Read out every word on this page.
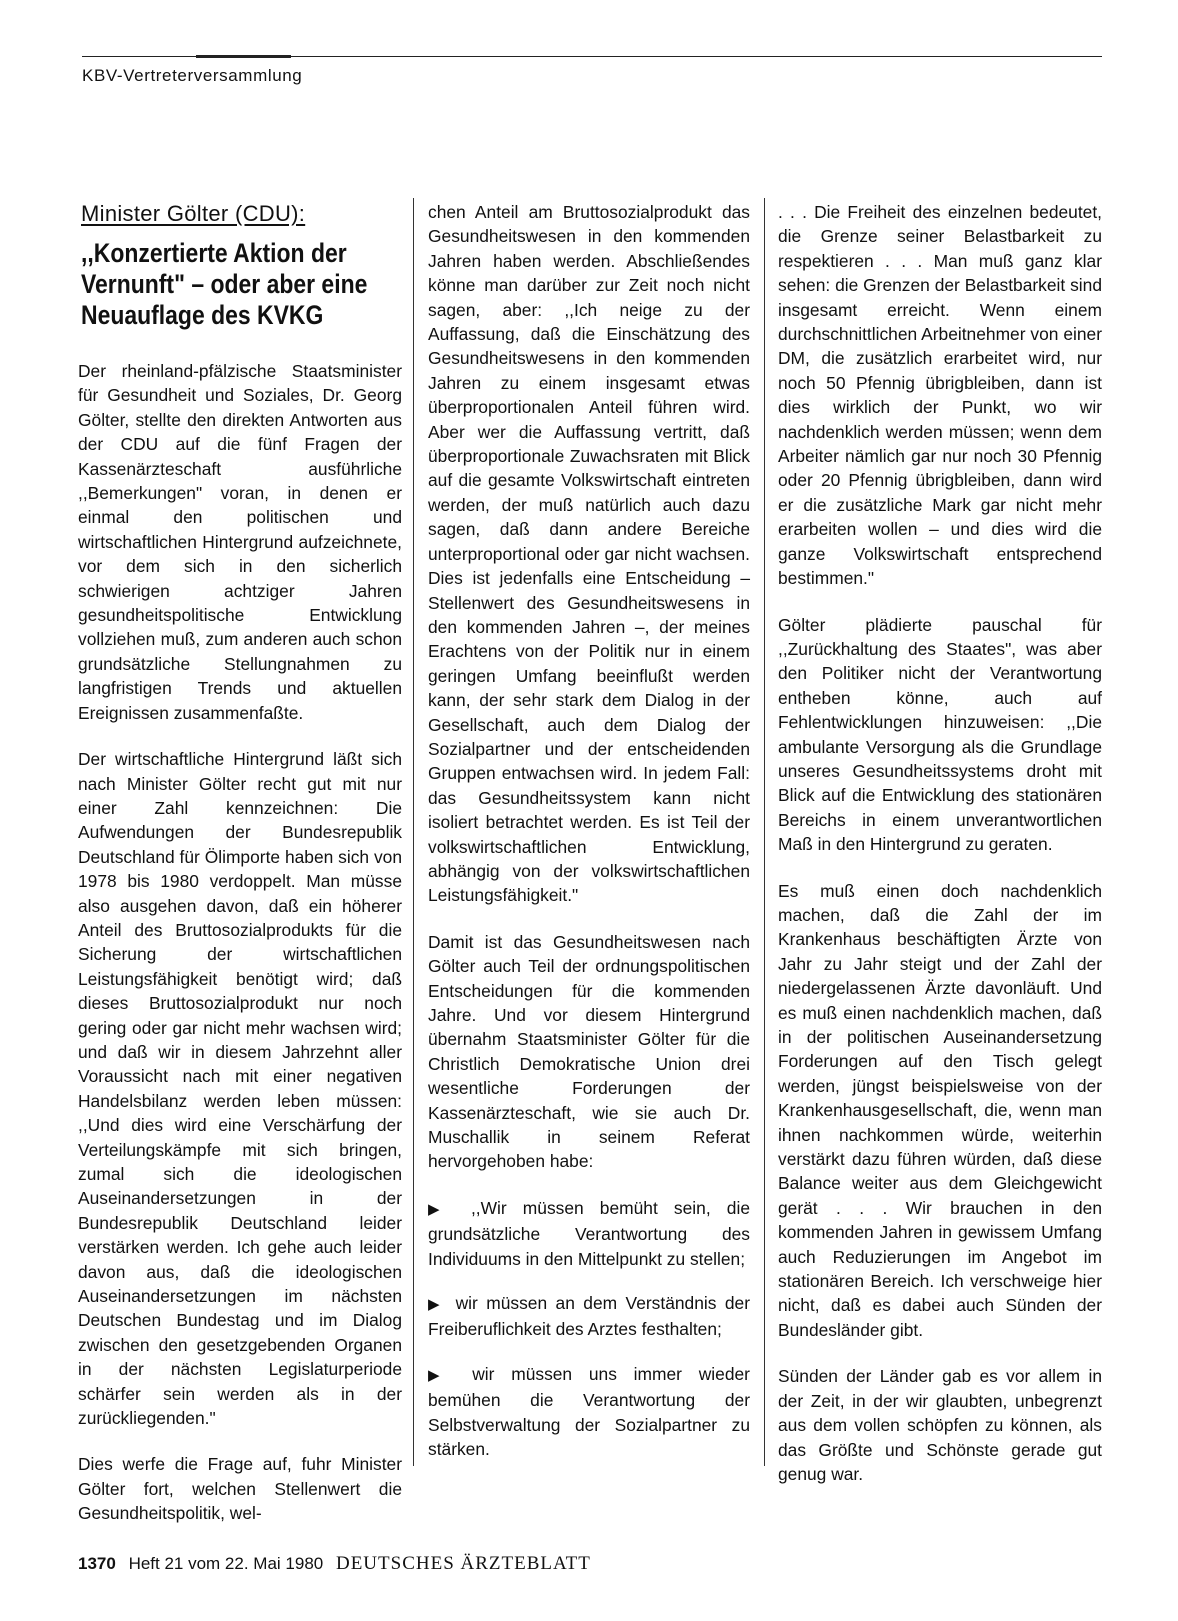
KBV-Vertreterversammlung
Minister Gölter (CDU):
,,Konzertierte Aktion der Vernunft" – oder aber eine Neuauflage des KVKG

Der rheinland-pfälzische Staatsminister für Gesundheit und Soziales, Dr. Georg Gölter, stellte den direkten Antworten aus der CDU auf die fünf Fragen der Kassenärzteschaft ausführliche ,,Bemerkungen" voran, in denen er einmal den politischen und wirtschaftlichen Hintergrund aufzeichnete, vor dem sich in den sicherlich schwierigen achtziger Jahren gesundheitspolitische Entwicklung vollziehen muß, zum anderen auch schon grundsätzliche Stellungnahmen zu langfristigen Trends und aktuellen Ereignissen zusammenfaßte.

Der wirtschaftliche Hintergrund läßt sich nach Minister Gölter recht gut mit nur einer Zahl kennzeichnen: Die Aufwendungen der Bundesrepublik Deutschland für Ölimporte haben sich von 1978 bis 1980 verdoppelt. Man müsse also ausgehen davon, daß ein höherer Anteil des Bruttosozialprodukts für die Sicherung der wirtschaftlichen Leistungsfähigkeit benötigt wird; daß dieses Bruttosozialprodukt nur noch gering oder gar nicht mehr wachsen wird; und daß wir in diesem Jahrzehnt aller Voraussicht nach mit einer negativen Handelsbilanz werden leben müssen: ,,Und dies wird eine Verschärfung der Verteilungskämpfe mit sich bringen, zumal sich die ideologischen Auseinandersetzungen in der Bundesrepublik Deutschland leider verstärken werden. Ich gehe auch leider davon aus, daß die ideologischen Auseinandersetzungen im nächsten Deutschen Bundestag und im Dialog zwischen den gesetzgebenden Organen in der nächsten Legislaturperiode schärfer sein werden als in der zurückliegenden."

Dies werfe die Frage auf, fuhr Minister Gölter fort, welchen Stellenwert die Gesundheitspolitik, wel-

chen Anteil am Bruttosozialprodukt das Gesundheitswesen in den kommenden Jahren haben werden. Abschließendes könne man darüber zur Zeit noch nicht sagen, aber: ,,Ich neige zu der Auffassung, daß die Einschätzung des Gesundheitswesens in den kommenden Jahren zu einem insgesamt etwas überproportionalen Anteil führen wird. Aber wer die Auffassung vertritt, daß überproportionale Zuwachsraten mit Blick auf die gesamte Volkswirtschaft eintreten werden, der muß natürlich auch dazu sagen, daß dann andere Bereiche unterproportional oder gar nicht wachsen. Dies ist jedenfalls eine Entscheidung – Stellenwert des Gesundheitswesens in den kommenden Jahren –, der meines Erachtens von der Politik nur in einem geringen Umfang beeinflußt werden kann, der sehr stark dem Dialog in der Gesellschaft, auch dem Dialog der Sozialpartner und der entscheidenden Gruppen entwachsen wird. In jedem Fall: das Gesundheitssystem kann nicht isoliert betrachtet werden. Es ist Teil der volkswirtschaftlichen Entwicklung, abhängig von der volkswirtschaftlichen Leistungsfähigkeit."

Damit ist das Gesundheitswesen nach Gölter auch Teil der ordnungspolitischen Entscheidungen für die kommenden Jahre. Und vor diesem Hintergrund übernahm Staatsminister Gölter für die Christlich Demokratische Union drei wesentliche Forderungen der Kassenärzteschaft, wie sie auch Dr. Muschallik in seinem Referat hervorgehoben habe:

▶ ,,Wir müssen bemüht sein, die grundsätzliche Verantwortung des Individuums in den Mittelpunkt zu stellen;

▶ wir müssen an dem Verständnis der Freiberuflichkeit des Arztes festhalten;

▶ wir müssen uns immer wieder bemühen die Verantwortung der Selbstverwaltung der Sozialpartner zu stärken.

. . . Die Freiheit des einzelnen bedeutet, die Grenze seiner Belastbarkeit zu respektieren . . . Man muß ganz klar sehen: die Grenzen der Belastbarkeit sind insgesamt erreicht. Wenn einem durchschnittlichen Arbeitnehmer von einer DM, die zusätzlich erarbeitet wird, nur noch 50 Pfennig übrigbleiben, dann ist dies wirklich der Punkt, wo wir nachdenklich werden müssen; wenn dem Arbeiter nämlich gar nur noch 30 Pfennig oder 20 Pfennig übrigbleiben, dann wird er die zusätzliche Mark gar nicht mehr erarbeiten wollen – und dies wird die ganze Volkswirtschaft entsprechend bestimmen."

Gölter plädierte pauschal für ,,Zurückhaltung des Staates", was aber den Politiker nicht der Verantwortung entheben könne, auch auf Fehlentwicklungen hinzuweisen: ,,Die ambulante Versorgung als die Grundlage unseres Gesundheitssystems droht mit Blick auf die Entwicklung des stationären Bereichs in einem unverantwortlichen Maß in den Hintergrund zu geraten.

Es muß einen doch nachdenklich machen, daß die Zahl der im Krankenhaus beschäftigten Ärzte von Jahr zu Jahr steigt und der Zahl der niedergelassenen Ärzte davonläuft. Und es muß einen nachdenklich machen, daß in der politischen Auseinandersetzung Forderungen auf den Tisch gelegt werden, jüngst beispielsweise von der Krankenhausgesellschaft, die, wenn man ihnen nachkommen würde, weiterhin verstärkt dazu führen würden, daß diese Balance weiter aus dem Gleichgewicht gerät . . . Wir brauchen in den kommenden Jahren in gewissem Umfang auch Reduzierungen im Angebot im stationären Bereich. Ich verschweige hier nicht, daß es dabei auch Sünden der Bundesländer gibt.

Sünden der Länder gab es vor allem in der Zeit, in der wir glaubten, unbegrenzt aus dem vollen schöpfen zu können, als das Größte und Schönste gerade gut genug war.

1370 Heft 21 vom 22. Mai 1980 DEUTSCHES ÄRZTEBLATT
